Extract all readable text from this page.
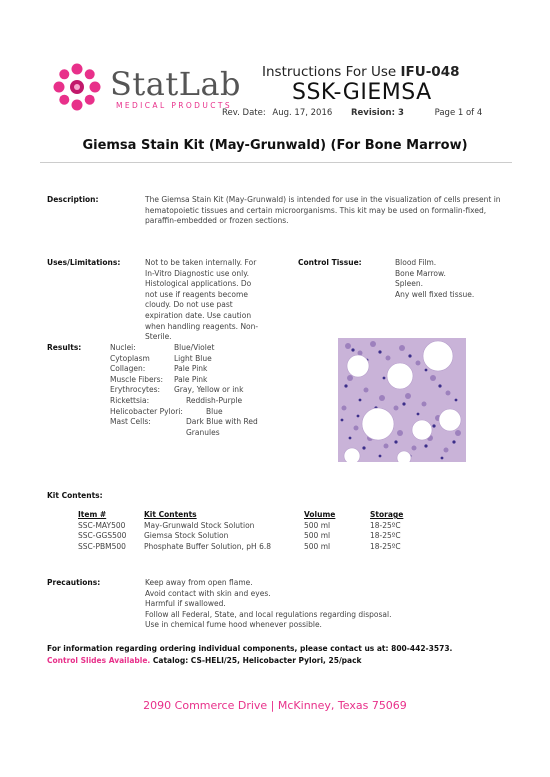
StatLab
MEDICAL PRODUCTS
Instructions For Use IFU-048
SSK-GIEMSA
Rev. Date: Aug. 17, 2016 Revision: 3	Page 1 of 4
Giemsa Stain Kit (May-Grunwald) (For Bone Marrow)
Description:	The Giemsa Stain Kit (May-Grunwald) is intended for use in the visualization of cells present in hematopoietic tissues and certain microorganisms. This kit may be used on formalin-fixed, paraffin-embedded or frozen sections.
Uses/Limitations:	Not to be taken internally. For In-Vitro Diagnostic use only. Histological applications. Do not use if reagents become cloudy. Do not use past expiration date. Use caution when handling reagents. Non-Sterile.
Control Tissue:	Blood Film.
Bone Marrow.
Spleen.
Any well fixed tissue.
Results:	Nuclei:	Blue/Violet
Cytoplasm	Light Blue
Collagen:	Pale Pink
Muscle Fibers:	Pale Pink
Erythrocytes:	Gray, Yellow or ink
Rickettsia:	Reddish-Purple
Helicobacter Pylori:	Blue
Mast Cells:	Dark Blue with Red Granules
Kit Contents:
Item #	Kit Contents	Volume	Storage
SSC-MAY500	May-Grunwald Stock Solution	500 ml	18-25ºC
SSC-GGS500	Giemsa Stock Solution	500 ml	18-25ºC
SSC-PBM500	Phosphate Buffer Solution, pH 6.8	500 ml	18-25ºC
Precautions:	Keep away from open flame.
Avoid contact with skin and eyes.
Harmful if swallowed.
Follow all Federal, State, and local regulations regarding disposal.
Use in chemical fume hood whenever possible.
For information regarding ordering individual components, please contact us at: 800-442-3573.
Control Slides Available. Catalog: CS-HELI/25, Helicobacter Pylori, 25/pack
2090 Commerce Drive | McKinney, Texas 75069
